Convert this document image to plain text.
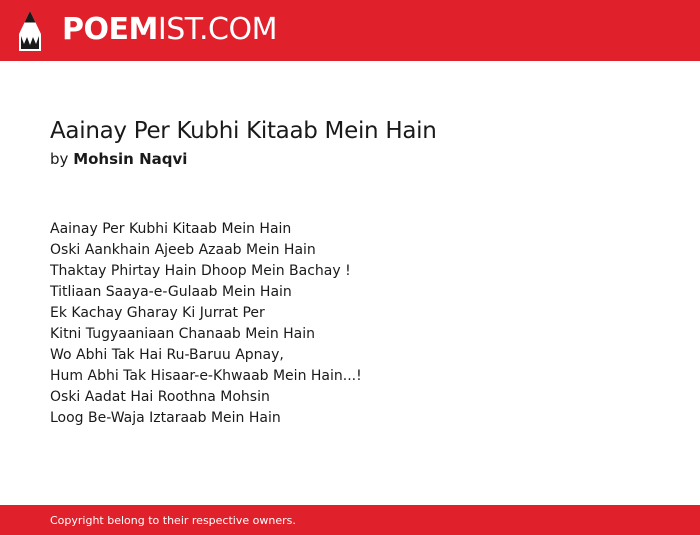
POEMIST.COM
Aainay Per Kubhi Kitaab Mein Hain
by Mohsin Naqvi
Aainay Per Kubhi Kitaab Mein Hain
Oski Aankhain Ajeeb Azaab Mein Hain
Thaktay Phirtay Hain Dhoop Mein Bachay !
Titliaan Saaya-e-Gulaab Mein Hain
Ek Kachay Gharay Ki Jurrat Per
Kitni Tugyaaniaan Chanaab Mein Hain
Wo Abhi Tak Hai Ru-Baruu Apnay,
Hum Abhi Tak Hisaar-e-Khwaab Mein Hain...!
Oski Aadat Hai Roothna Mohsin
Loog Be-Waja Iztaraab Mein Hain
Copyright belong to their respective owners.
